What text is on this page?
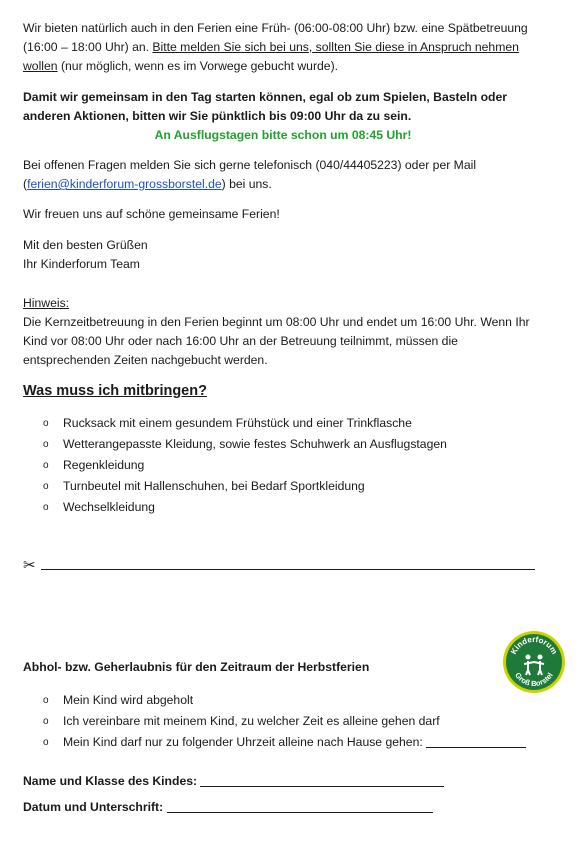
Wir bieten natürlich auch in den Ferien eine Früh- (06:00-08:00 Uhr) bzw. eine Spätbetreuung (16:00 – 18:00 Uhr) an. Bitte melden Sie sich bei uns, sollten Sie diese in Anspruch nehmen wollen (nur möglich, wenn es im Vorwege gebucht wurde).

Damit wir gemeinsam in den Tag starten können, egal ob zum Spielen, Basteln oder anderen Aktionen, bitten wir Sie pünktlich bis 09:00 Uhr da zu sein.

An Ausflugstagen bitte schon um 08:45 Uhr!

Bei offenen Fragen melden Sie sich gerne telefonisch (040/44405223) oder per Mail (ferien@kinderforum-grossborstel.de) bei uns.

Wir freuen uns auf schöne gemeinsame Ferien!

Mit den besten Grüßen

Ihr Kinderforum Team

Hinweis:

Die Kernzeitbetreuung in den Ferien beginnt um 08:00 Uhr und endet um 16:00 Uhr. Wenn Ihr Kind vor 08:00 Uhr oder nach 16:00 Uhr an der Betreuung teilnimmt, müssen die entsprechenden Zeiten nachgebucht werden.

Was muss ich mitbringen?
o Rucksack mit einem gesundem Frühstück und einer Trinkflasche
o Wetterangepasste Kleidung, sowie festes Schuhwerk an Ausflugstagen
o Regenkleidung
o Turnbeutel mit Hallenschuhen, bei Bedarf Sportkleidung
o Wechselkleidung

Abhol- bzw. Geherlaubnis für den Zeitraum der Herbstferien

o Mein Kind wird abgeholt
o Ich vereinbare mit meinem Kind, zu welcher Zeit es alleine gehen darf
o Mein Kind darf nur zu folgender Uhrzeit alleine nach Hause gehen:

Name und Klasse des Kindes:

Datum und Unterschrift:

✂
Kinderforum
Groß Borstel
